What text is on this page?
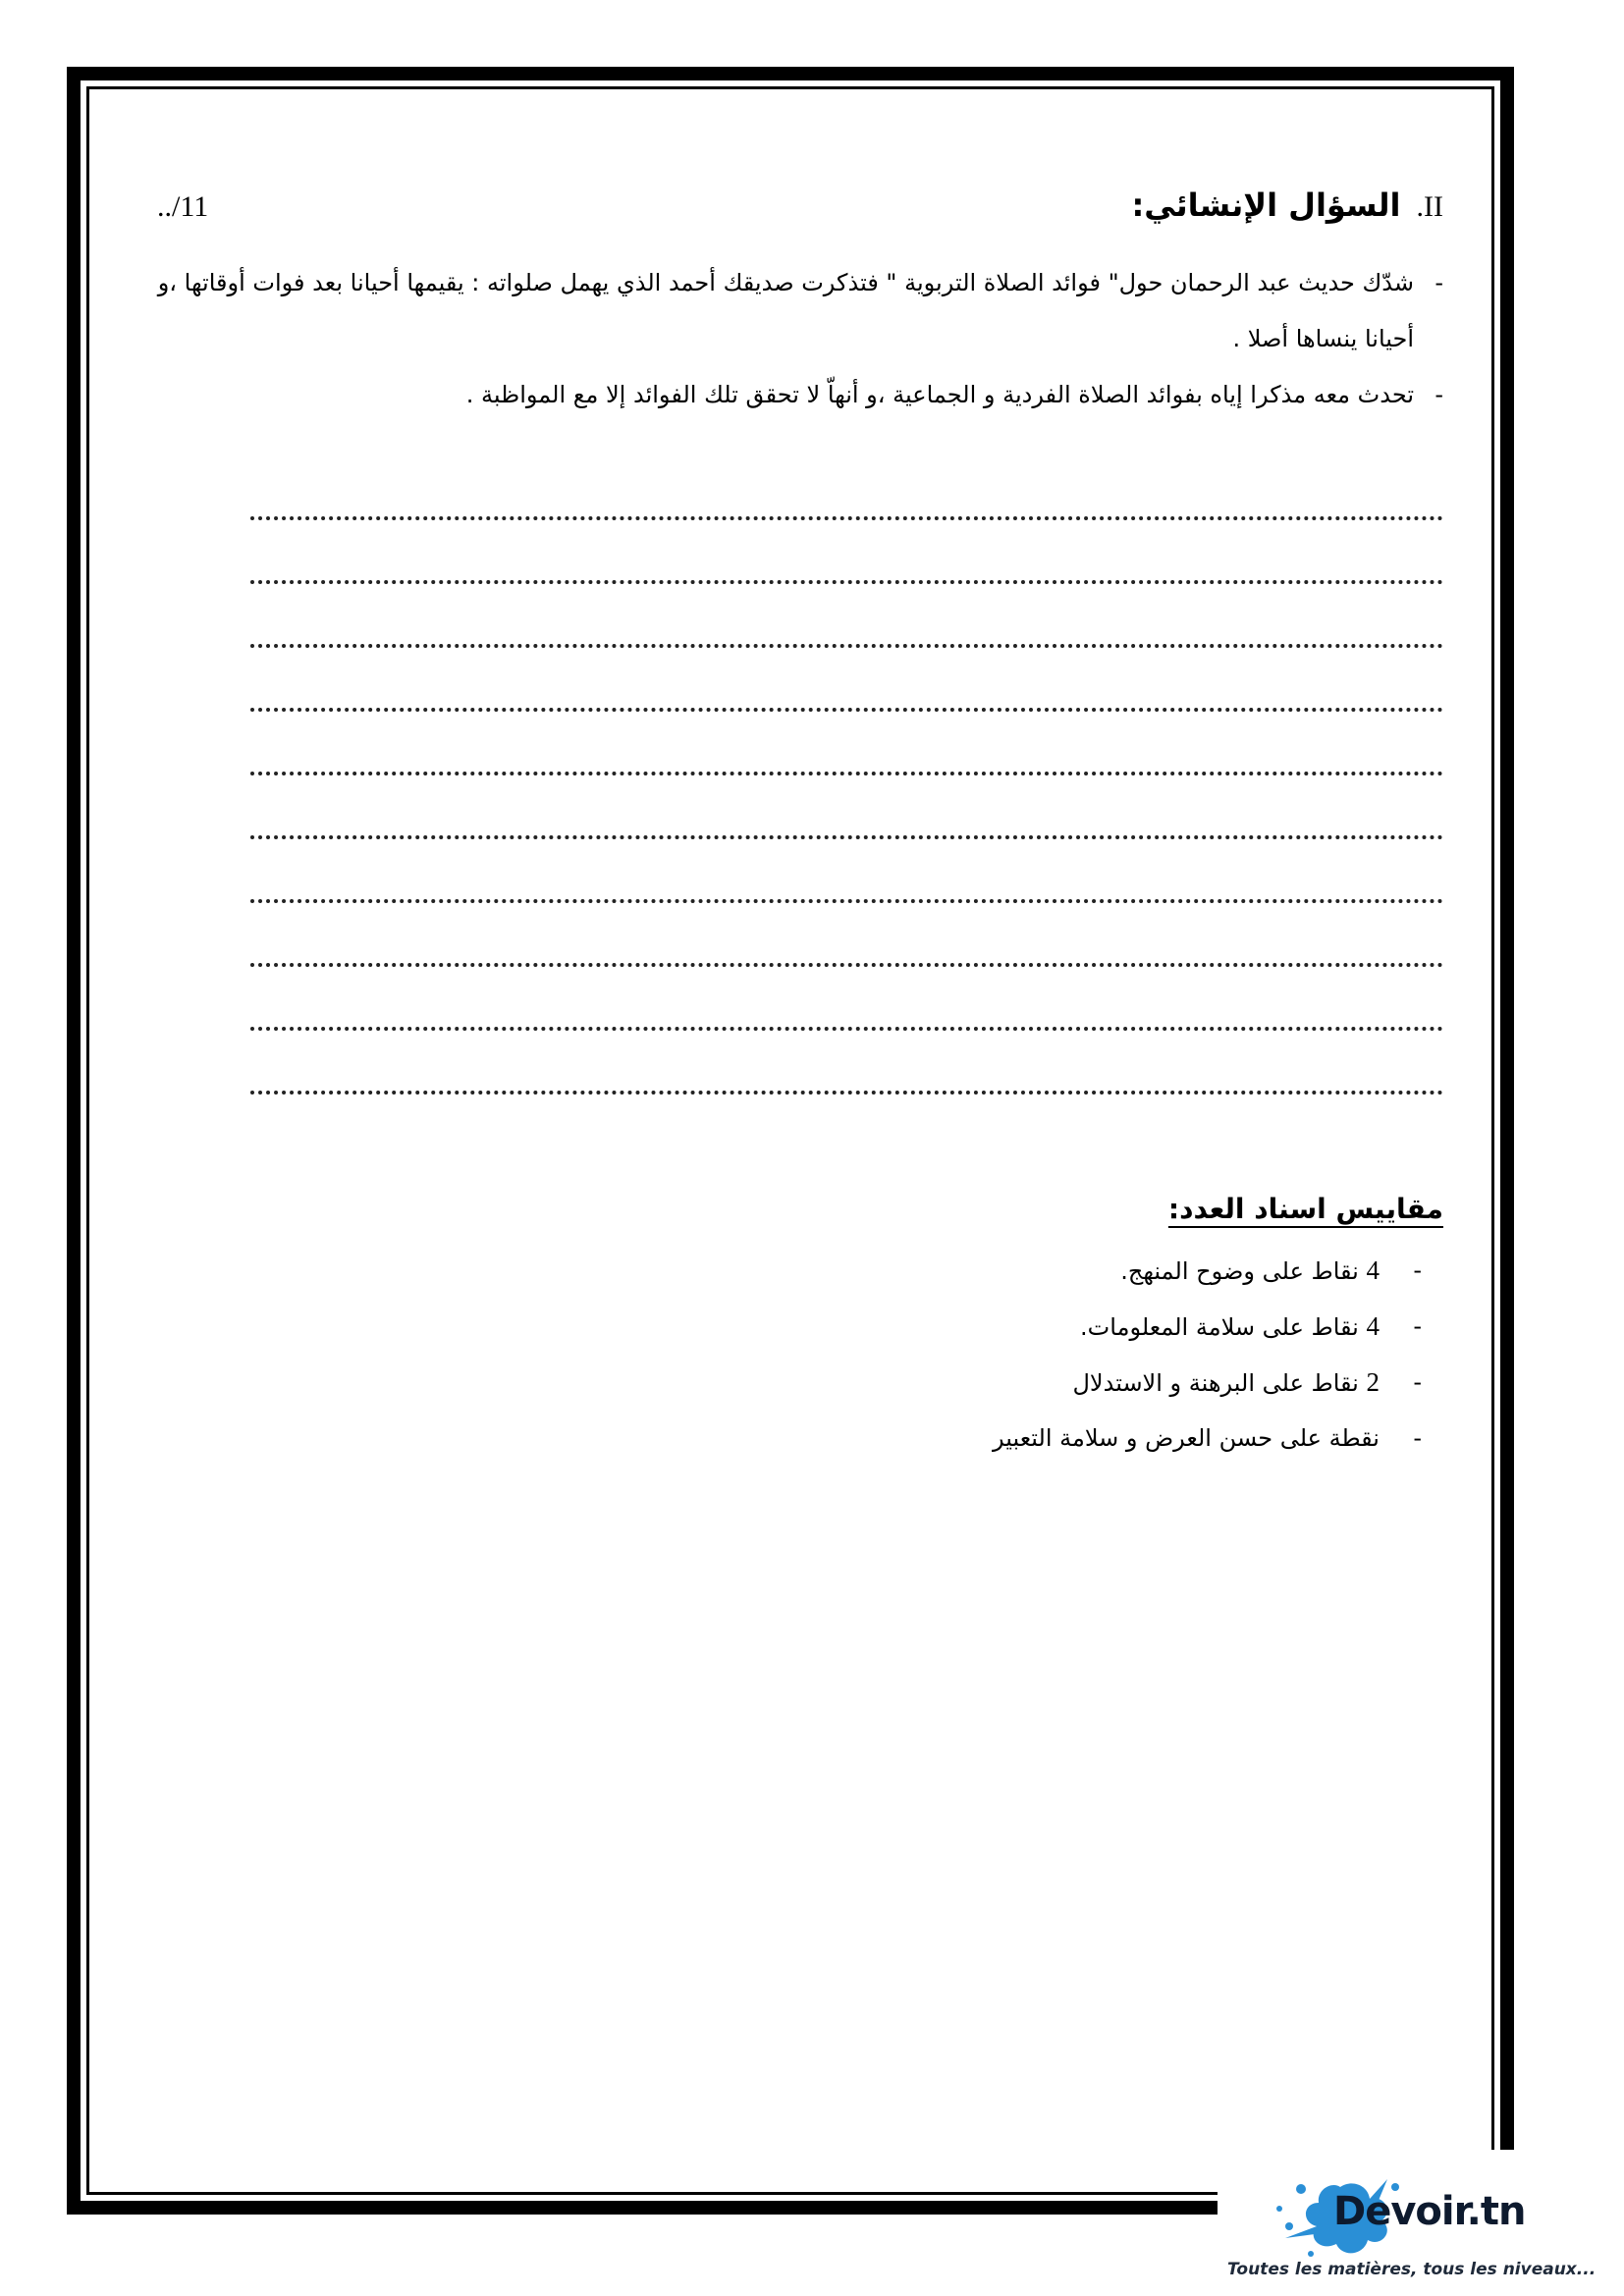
II.السؤال الإنشائي:
../11
- شدّك حديث عبد الرحمان حول" فوائد الصلاة التربوية " فتذكرت صديقك أحمد الذي يهمل صلواته : يقيمها أحيانا بعد فوات أوقاتها ،و أحيانا ينساها أصلا .
- تحدث معه مذكرا إياه بفوائد الصلاة الفردية و الجماعية ،و أنهاّ لا تحقق تلك الفوائد إلا مع المواظبة .
مقاييس اسناد العدد:
- 4 نقاط على وضوح المنهج.
- 4 نقاط على سلامة المعلومات.
- 2 نقاط على البرهنة و الاستدلال
- نقطة على حسن العرض و سلامة التعبير
Devoir.tn
Toutes les matières, tous les niveaux...
